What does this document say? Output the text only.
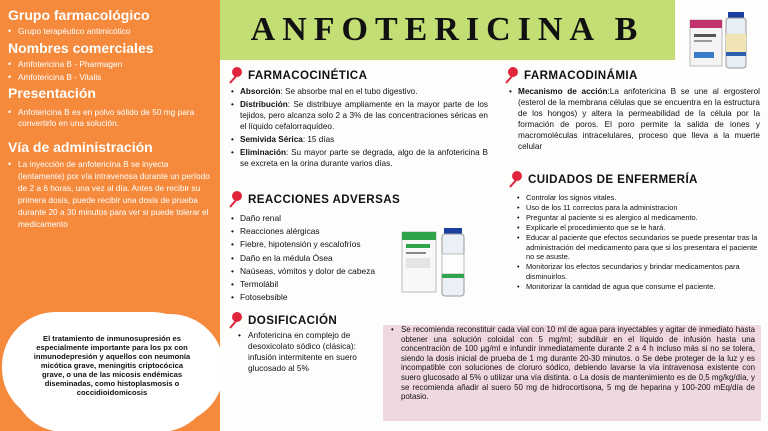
Grupo farmacológico
• Grupo terapéutico antimicótico
Nombres comerciales
• Amfotericina B - Pharmagen
• Amfotericina B - Vitalis
Presentación
• Anfotericina B es en polvo sólido de 50 mg para convertirlo en una solución.
Vía de administración
• La inyección de anfotericina B se inyecta (lentamente) por vía intravenosa durante un período de 2 a 6 horas, una vez al día. Antes de recibir su primera dosis, puede recibir una dosis de prueba durante 20 a 30 minutos para ver si puede tolerar el medicamento
El tratamiento de inmunosupresión es especialmente importante para los px con inmunodepresión y aquellos con neumonía micótica grave, meningitis criptocócica grave, o una de las micosis endémicas diseminadas, como histoplasmosis o coccidioidomicosis
ANFOTERICINA B
FARMACOCINÉTICA
• Absorción: Se absorbe mal en el tubo digestivo.
• Distribución: Se distribuye ampliamente en la mayor parte de los tejidos, pero alcanza solo 2 a 3% de las concentraciones séricas en el líquido cefalorraquídeo.
• Semivida Sérica: 15 días
• Eliminación: Su mayor parte se degrada, algo de la anfotericina B se excreta en la orina durante varios días.
FARMACODINÁMIA
• Mecanismo de acción:La anfotericina B se une al ergosterol (esterol de la membrana células que se encuentra en la estructura de los hongos) y altera la permeabilidad de la célula por la formación de poros. El poro permite la salida de iones y macromoléculas intracelulares, proceso que lleva a la muerte celular
REACCIONES ADVERSAS
• Daño renal
• Reacciones alérgicas
• Fiebre, hipotensión y escalofríos
• Daño en la médula Ósea
• Naúseas, vómitos y dolor de cabeza
• Termolábil
• Fotosebsible
CUIDADOS DE ENFERMERÍA
• Controlar los signos vitales.
• Uso de los 11 correctos para la administracion
• Preguntar al paciente si es alergico al medicamento.
• Explicarle el procedimiento que se le hará.
• Educar al paciente que efectos secundarios se puede presentar tras la administración del medicamento para que si los presentara el paciente no se asuste.
• Monitorizar los efectos secundarios y brindar medicamentos para disminuirlos.
• Monitorizar la cantidad de agua que consume el paciente.
DOSIFICACIÓN
• Anfotericina en complejo de desoxicolato sódico (clásica): infusión intermitente en suero glucosado al 5%
• Se recomienda reconstituir cada vial con 10 ml de agua para inyectables y agitar de inmediato hasta obtener una solución coloidal con 5 mg/ml; subdiluir en el líquido de infusión hasta una concentración de 100 µg/ml e infundir inmediatamente durante 2 a 4 h incluso más si no se tolera, siendo la dosis inicial de prueba de 1 mg durante 20-30 minutos. o Se debe proteger de la luz y es incompatible con soluciones de cloruro sódico, debiendo lavarse la vía intravenosa existente con suero glucosado al 5% o utilizar una vía distinta. o La dosis de mantenimiento es de 0,5 mg/kg/día, y se recomienda añadir al suero 50 mg de hidrocortisona, 5 mg de heparina y 100-200 mEq/día de potasio.
